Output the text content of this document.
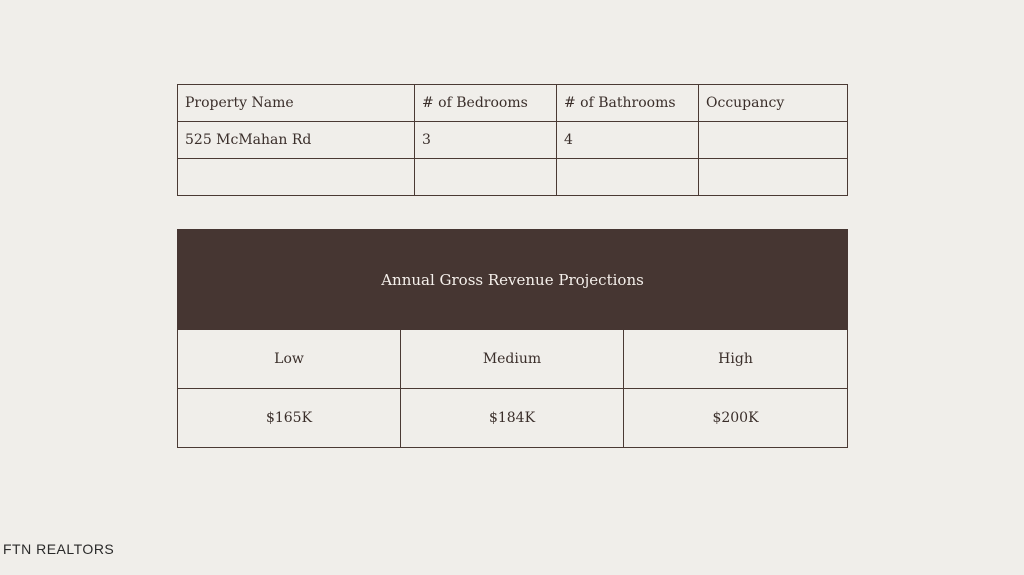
Property Name	# of Bedrooms	# of Bathrooms	Occupancy
525 McMahan Rd	3	4	

Annual Gross Revenue Projections		
Low	Medium	High
$165K	$184K	$200K
FTN REALTORS
